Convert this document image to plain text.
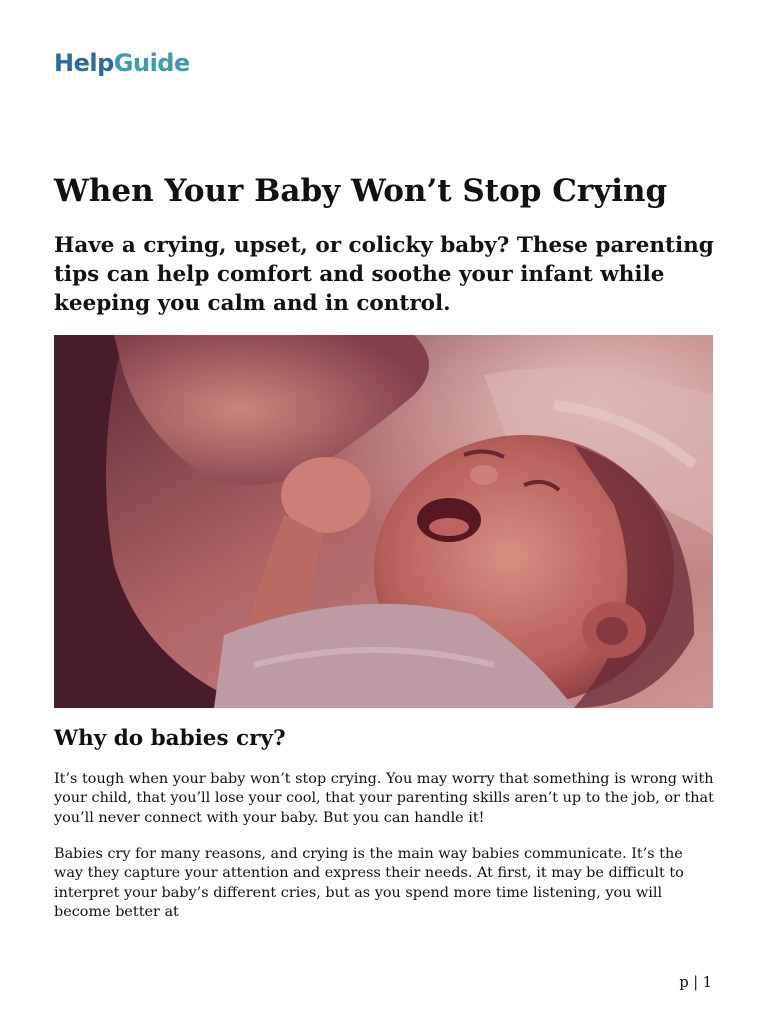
HelpGuide
When Your Baby Won’t Stop Crying
Have a crying, upset, or colicky baby? These parenting tips can help comfort and soothe your infant while keeping you calm and in control.
Why do babies cry?

It’s tough when your baby won’t stop crying. You may worry that something is wrong with your child, that you’ll lose your cool, that your parenting skills aren’t up to the job, or that you’ll never connect with your baby. But you can handle it!

Babies cry for many reasons, and crying is the main way babies communicate. It’s the way they capture your attention and express their needs. At first, it may be difficult to interpret your baby’s different cries, but as you spend more time listening, you will become better at

p | 1
